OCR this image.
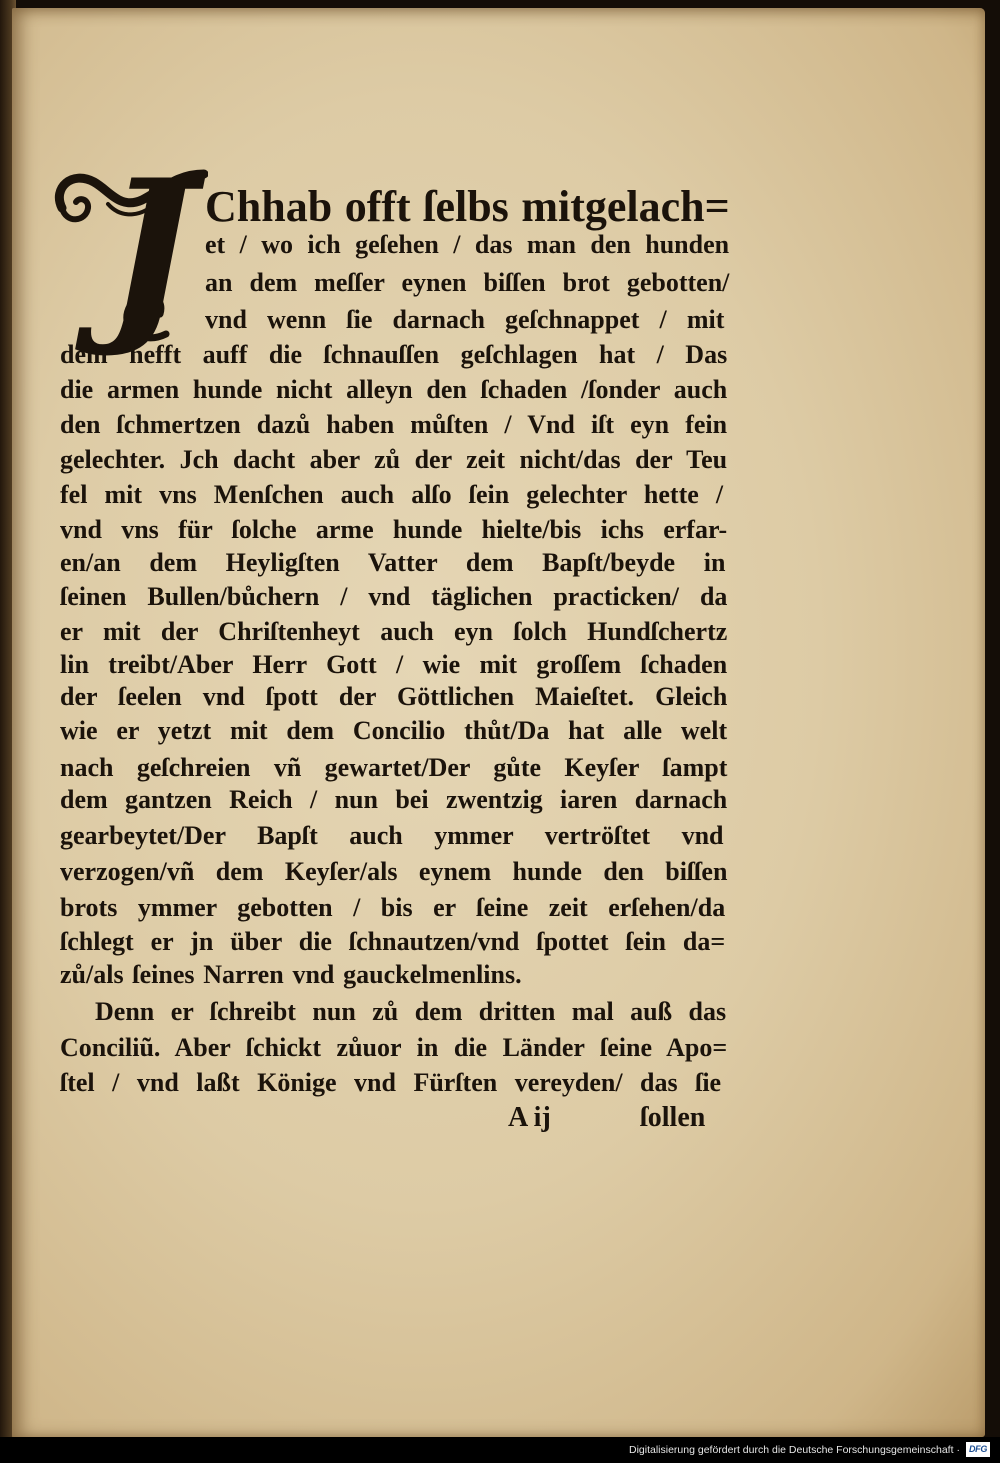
J Chhab offt ſelbs mitgelach=
et / wo ich geſehen / das man den hunden
an dem meſſer eynen biſſen brot gebotten/
vnd wenn ſie darnach geſchnappet / mit
dem hefft auff die ſchnauſſen geſchlagen hat / Das
die armen hunde nicht alleyn den ſchaden /ſonder auch
den ſchmertzen dazů haben můſten / Vnd iſt eyn fein
gelechter. Jch dacht aber zů der zeit nicht/das der Teu
fel mit vns Menſchen auch alſo ſein gelechter hette /
vnd vns für ſolche arme hunde hielte/bis ichs erfar-
en/an dem Heyligſten Vatter dem Bapſt/beyde in
ſeinen Bullen/bůchern / vnd täglichen practicken/ da
er mit der Chriſtenheyt auch eyn ſolch Hundſchertz
lin treibt/Aber Herr Gott / wie mit groſſem ſchaden
der ſeelen vnd ſpott der Göttlichen Maieſtet. Gleich
wie er yetzt mit dem Concilio thůt/Da hat alle welt
nach geſchreien vñ gewartet/Der gůte Keyſer ſampt
dem gantzen Reich / nun bei zwentzig iaren darnach
gearbeytet/Der Bapſt auch ymmer vertröſtet vnd
verzogen/vñ dem Keyſer/als eynem hunde den biſſen
brots ymmer gebotten / bis er ſeine zeit erſehen/da
ſchlegt er jn über die ſchnautzen/vnd ſpottet ſein da=
zů/als ſeines Narren vnd gauckelmenlins.
Denn er ſchreibt nun zů dem dritten mal auß das
Conciliũ. Aber ſchickt zůuor in die Länder ſeine Apo=
ſtel / vnd laßt Könige vnd Fürſten vereyden/ das ſie
A ij	ſollen
Digitalisierung gefördert durch die Deutsche Forschungsgemeinschaft · DFG
